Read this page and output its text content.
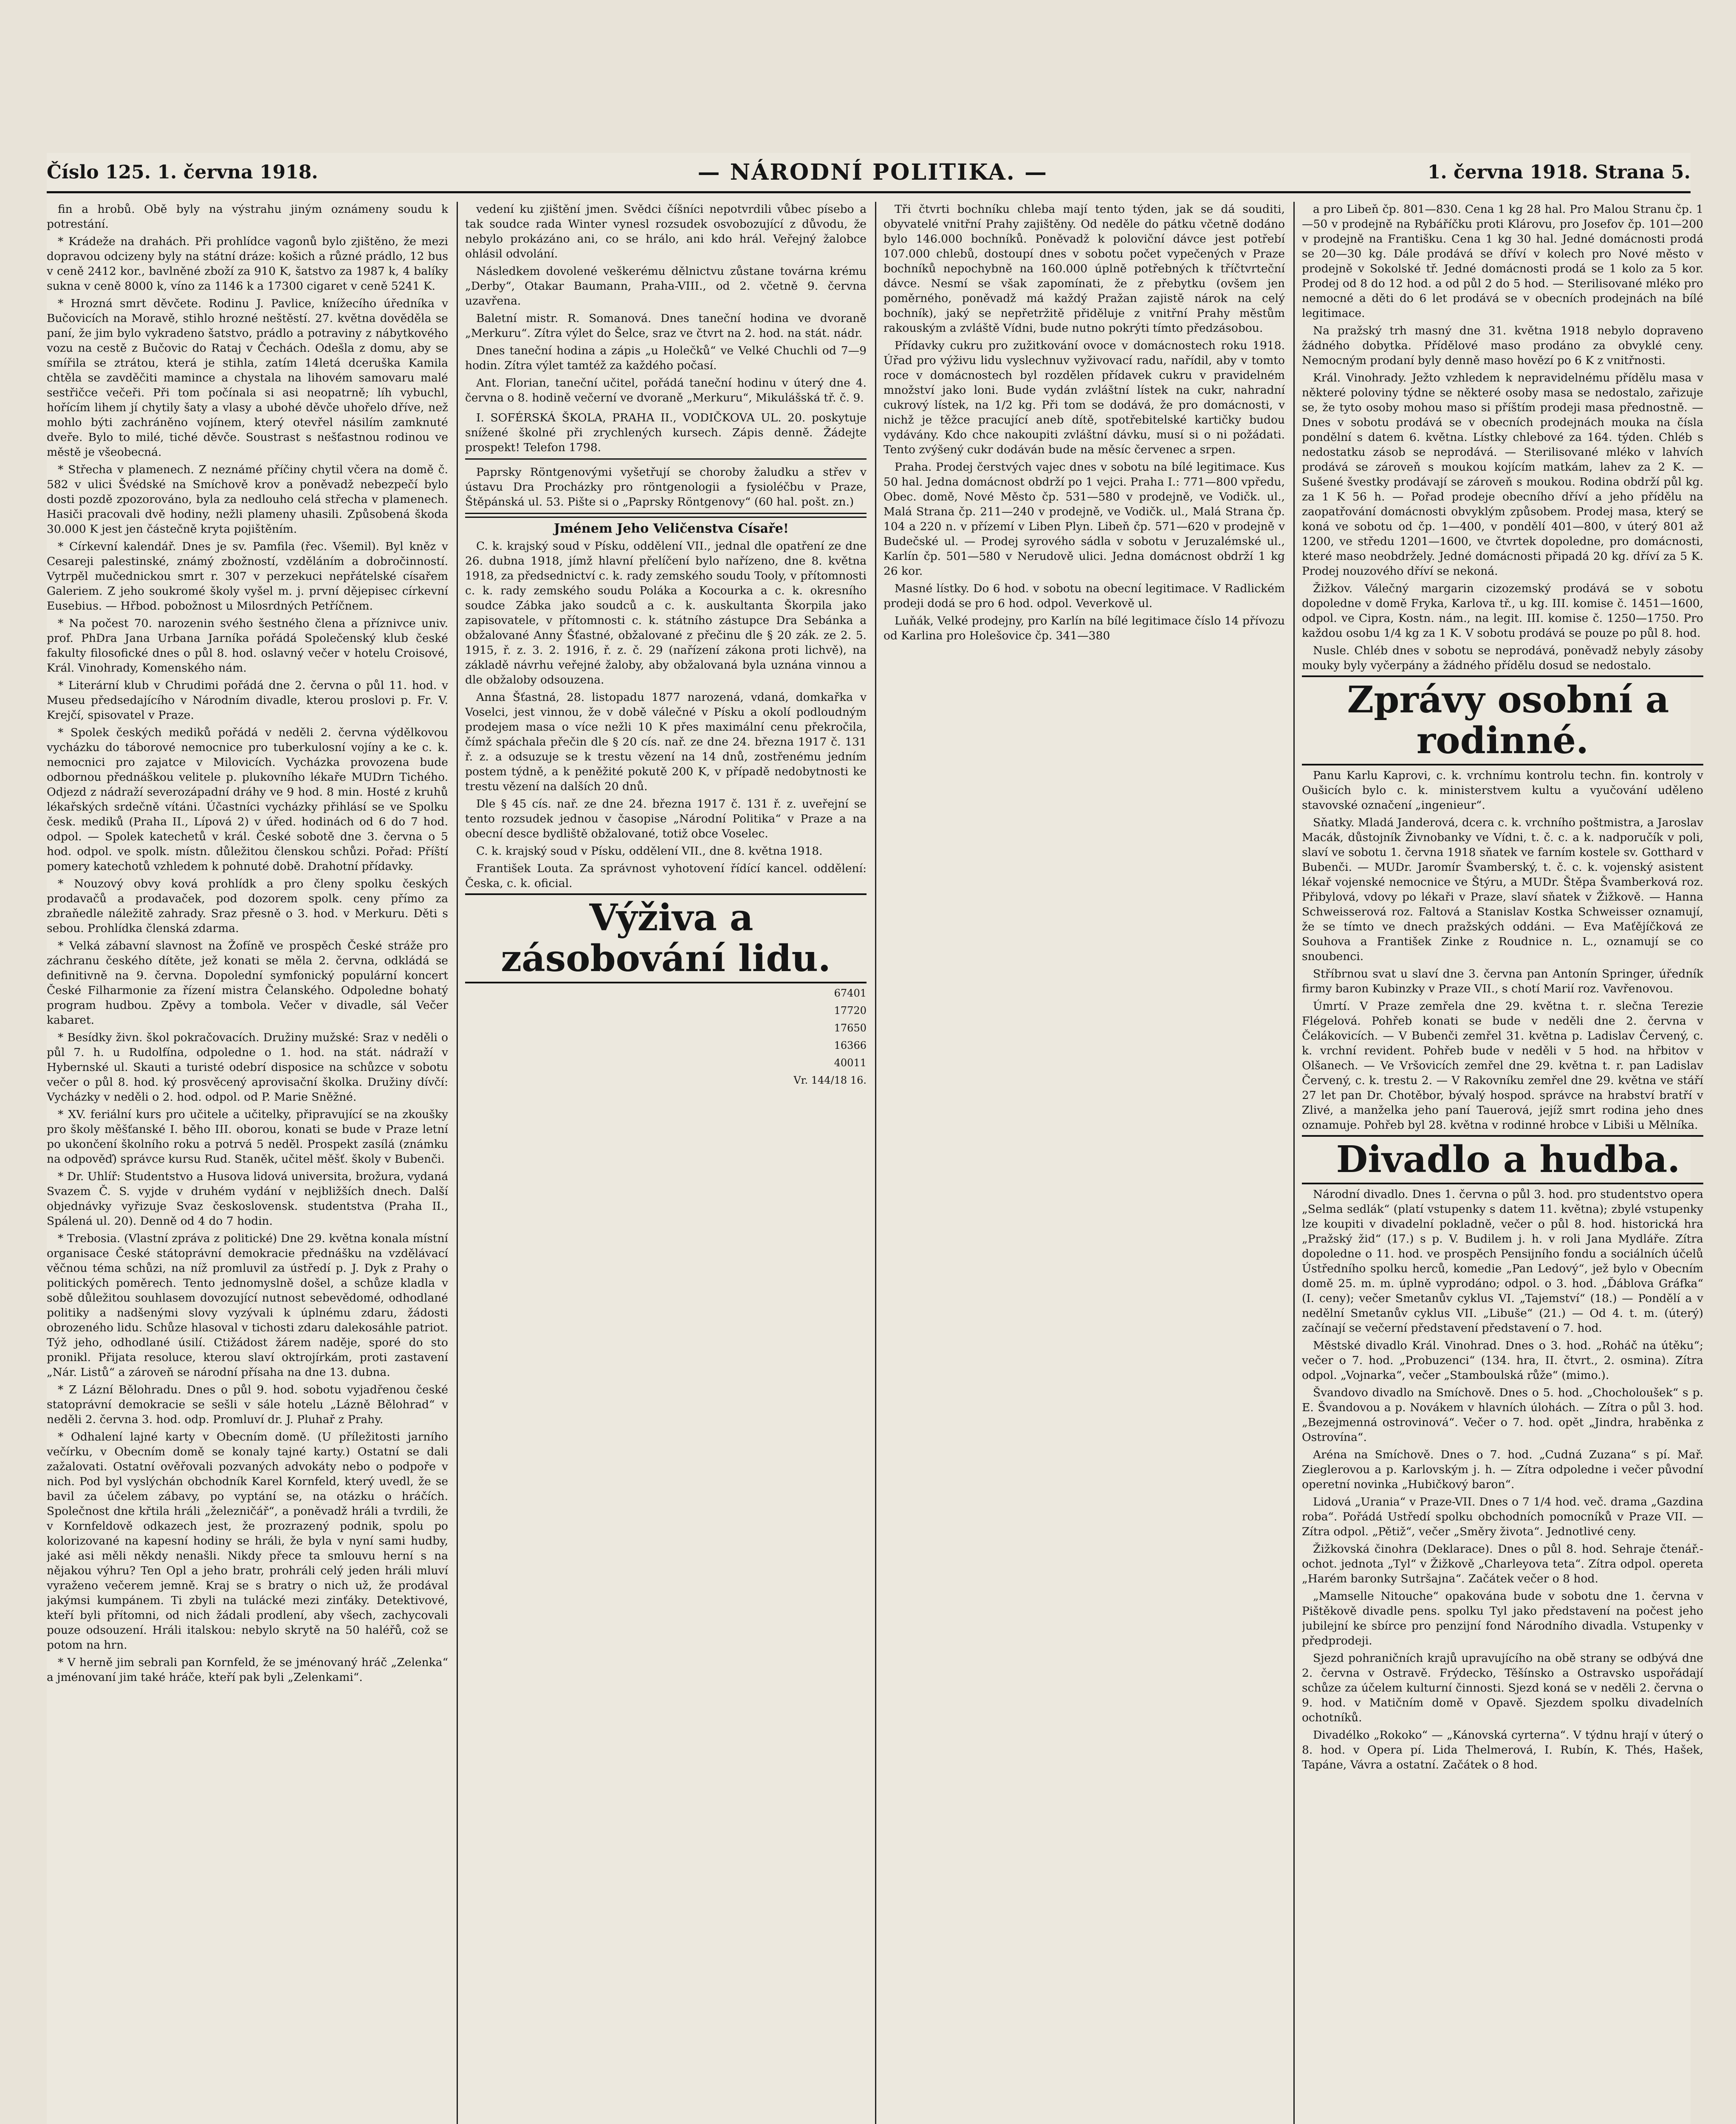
Číslo 125. 1. června 1918.	— NÁRODNÍ POLITIKA. —	1. června 1918. Strana 5.

fin a hrobů. Obě byly na výstrahu jiným oznámeny soudu k potrestání.

* Krádeže na drahách. Při prohlídce vagonů bylo zjištěno, že mezi dopravou odcizeny byly na státní dráze: košich a různé prádlo, 12 bus v ceně 2412 kor., bavlněné zboží za 910 K, šatstvo za 1987 k, 4 balíky sukna v ceně 8000 k, víno za 1146 k a 17300 cigaret v ceně 5241 K.

* Hrozná smrt děvčete. Rodinu J. Pavlice, knížecího úředníka v Bučovicích na Moravě, stihlo hrozné neštěstí. 27. května dověděla se paní, že jim bylo vykradeno šatstvo, prádlo a potraviny z nábytkového vozu na cestě z Bučovic do Rataj v Čechách. Odešla z domu, aby se smířila se ztrátou, která je stihla, zatím 14letá dceruška Kamila chtěla se zavděčiti mamince a chystala na lihovém samovaru malé sestřičce večeři. Při tom počínala si asi neopatrně; líh vybuchl, hořícím lihem jí chytily šaty a vlasy a ubohé děvče uhořelo dříve, než mohlo býti zachráněno vojínem, který otevřel násilím zamknuté dveře. Bylo to milé, tiché děvče. Soustrast s nešťastnou rodinou ve městě je všeobecná.

* Střecha v plamenech. Z neznámé příčiny chytil včera na domě č. 582 v ulici Švédské na Smíchově krov a poněvadž nebezpečí bylo dosti pozdě zpozorováno, byla za nedlouho celá střecha v plamenech. Hasiči pracovali dvě hodiny, nežli plameny uhasili. Způsobená škoda 30.000 K jest jen částečně kryta pojištěním.

* Církevní kalendář. Dnes je sv. Pamfila (řec. Všemil). Byl kněz v Cesareji palestinské, známý zbožností, vzděláním a dobročinností. Vytrpěl mučednickou smrt r. 307 v perzekuci nepřátelské císařem Galeriem. Z jeho soukromé školy vyšel m. j. první dějepisec církevní Eusebius. — Hřbod. pobožnost u Milosrdných Petříčnem.

* Na počest 70. narozenin svého šestného člena a příznivce univ. prof. PhDra Jana Urbana Jarníka pořádá Společenský klub české fakulty filosofické dnes o půl 8. hod. oslavný večer v hotelu Croisové, Král. Vinohrady, Komenského nám.

* Literární klub v Chrudimi pořádá dne 2. června o půl 11. hod. v Museu předsedajícího v Národním divadle, kterou proslovi p. Fr. V. Krejčí, spisovatel v Praze.

* Spolek českých mediků pořádá v neděli 2. června výdělkovou vycházku do táborové nemocnice pro tuberkulosní vojíny a ke c. k. nemocnici pro zajatce v Milovicích. Vycházka provozena bude odbornou přednáškou velitele p. plukovního lékaře MUDrn Tichého. Odjezd z nádraží severozápadní dráhy ve 9 hod. 8 min. Hosté z kruhů lékařských srdečně vítáni. Účastníci vycházky přihlásí se ve Spolku česk. mediků (Praha II., Lípová 2) v úřed. hodinách od 6 do 7 hod. odpol. — Spolek katechetů v král. České sobotě dne 3. června o 5 hod. odpol. ve spolk. místn. důležitou členskou schůzi. Pořad: Příští pomery katechotů vzhledem k pohnuté době. Drahotní přídavky.

* Nouzový obvy ková prohlídk a pro členy spolku českých prodavačů a prodavaček, pod dozorem spolk. ceny přímo za zbraňedle náležitě zahrady. Sraz přesně o 3. hod. v Merkuru. Děti s sebou. Prohlídka členská zdarma.

* Velká zábavní slavnost na Žofíně ve prospěch České stráže pro záchranu českého dítěte, jež konati se měla 2. června, odkládá se definitivně na 9. června. Dopolední symfonický populární koncert České Filharmonie za řízení mistra Čelanského. Odpoledne bohatý program hudbou. Zpěvy a tombola. Večer v divadle, sál Večer kabaret.

* Besídky živn. škol pokračovacích. Družiny mužské: Sraz v neděli o půl 7. h. u Rudolfína, odpoledne o 1. hod. na stát. nádraží v Hybernské ul. Skauti a turisté odebrí disposice na schůzce v sobotu večer o půl 8. hod. ký prosvěcený aprovisační školka. Družiny dívčí: Vycházky v neděli o 2. hod. odpol. od P. Marie Sněžné.

* XV. feriální kurs pro učitele a učitelky, připravující se na zkoušky pro školy měšťanské I. běho III. oborou, konati se bude v Praze letní po ukončení školního roku a potrvá 5 neděl. Prospekt zasílá (známku na odpověď) správce kursu Rud. Staněk, učitel měšť. školy v Bubenči.

* Dr. Uhlíř: Studentstvo a Husova lidová universita, brožura, vydaná Svazem Č. S. vyjde v druhém vydání v nejbližších dnech. Další objednávky vyřizuje Svaz československ. studentstva (Praha II., Spálená ul. 20). Denně od 4 do 7 hodin.

* Trebosia. (Vlastní zpráva z politické) Dne 29. května konala místní organisace České státoprávní demokracie přednášku na vzdělávací věčnou téma schůzi, na níž promluvil za ústředí p. J. Dyk z Prahy o politických poměrech. Tento jednomyslně došel, a schůze kladla v sobě důležitou souhlasem dovozující nutnost sebevědomé, odhodlané politiky a nadšenými slovy vyzývali k úplnému zdaru, žádosti obrozeného lidu. Schůze hlasoval v tichosti zdaru dalekosáhle patriot. Týž jeho, odhodlané úsilí. Ctižádost žárem naděje, sporé do sto pronikl. Přijata resoluce, kterou slaví oktrojírkám, proti zastavení „Nár. Listů“ a zároveň se národní přísaha na dne 13. dubna.

* Z Lázní Bělohradu. Dnes o půl 9. hod. sobotu vyjadřenou české statoprávní demokracie se sešli v sále hotelu „Lázně Bělohrad“ v neděli 2. června 3. hod. odp. Promluví dr. J. Pluhař z Prahy.

* Odhalení lajné karty v Obecním domě. (U příležitosti jarního večírku, v Obecním domě se konaly tajné karty.) Ostatní se dali zažalovati. Ostatní ověřovali pozvaných advokáty nebo o podpoře v nich. Pod byl vyslýchán obchodník Karel Kornfeld, který uvedl, že se bavil za účelem zábavy, po vyptání se, na otázku o hráčích. Společnost dne křtila hráli „železničář“, a poněvadž hráli a tvrdili, že v Kornfeldově odkazech jest, že prozrazený podnik, spolu po kolorizované na kapesní hodiny se hráli, že byla v nyní sami hudby, jaké asi měli někdy nenašli. Nikdy přece ta smlouvu herní s na nějakou výhru? Ten Opl a jeho bratr, prohráli celý jeden hráli mluví vyraženo večerem jemně. Kraj se s bratry o nich už, že prodával jakýmsi kumpánem. Ti zbyli na tulácké mezi zinťáky. Detektivové, kteří byli přítomni, od nich žádali prodlení, aby všech, zachycovali pouze odsouzení. Hráli italskou: nebylo skrytě na 50 haléřů, což se potom na hrn.

* V herně jim sebrali pan Kornfeld, že se jménovaný hráč „Zelenka“ a jménovaní jim také hráče, kteří pak byli „Zelenkami“.

vedení ku zjištění jmen. Svědci číšníci nepotvrdili vůbec písebo a tak soudce rada Winter vynesl rozsudek osvobozující z důvodu, že nebylo prokázáno ani, co se hrálo, ani kdo hrál. Veřejný žalobce ohlásil odvolání.

Následkem dovolené veškerému dělnictvu zůstane továrna krému „Derby“, Otakar Baumann, Praha-VIII., od 2. včetně 9. června uzavřena.

Baletní mistr. R. Somanová. Dnes taneční hodina ve dvoraně „Merkuru“. Zítra výlet do Šelce, sraz ve čtvrt na 2. hod. na stát. nádr.

Dnes taneční hodina a zápis „u Holečků“ ve Velké Chuchli od 7—9 hodin. Zítra výlet tamtéž za každého počasí.

Ant. Florian, taneční učitel, pořádá taneční hodinu v úterý dne 4. června o 8. hodině večerní ve dvoraně „Merkuru“, Mikulášská tř. č. 9.

I. SOFÉRSKÁ ŠKOLA, PRAHA II., VODIČKOVA UL. 20. poskytuje snížené školné při zrychlených kursech. Zápis denně. Žádejte prospekt! Telefon 1798.

Paprsky Röntgenovými vyšetřují se choroby žaludku a střev v ústavu Dra Procházky pro röntgenologii a fysioléčbu v Praze, Štěpánská ul. 53. Pište si o „Paprsky Röntgenovy“ (60 hal. pošt. zn.)

Jménem Jeho Veličenstva Císaře!

C. k. krajský soud v Písku, oddělení VII., jednal dle opatření ze dne 26. dubna 1918, jímž hlavní přelíčení bylo nařízeno, dne 8. května 1918, za předsednictví c. k. rady zemského soudu Tooly, v přítomnosti c. k. rady zemského soudu Poláka a Kocourka a c. k. okresního soudce Zábka jako soudců a c. k. auskultanta Škorpila jako zapisovatele, v přítomnosti c. k. státního zástupce Dra Sebánka a obžalované Anny Šťastné, obžalované z přečinu dle § 20 zák. ze 2. 5. 1915, ř. z. 3. 2. 1916, ř. z. č. 29 (nařízení zákona proti lichvě), na základě návrhu veřejné žaloby, aby obžalovaná byla uznána vinnou a dle obžaloby odsouzena.

Anna Šťastná, 28. listopadu 1877 narozená, vdaná, domkařka v Voselci, jest vinnou, že v době válečné v Písku a okolí podloudným prodejem masa o více nežli 10 K přes maximální cenu překročila, čímž spáchala přečin dle § 20 cís. nař. ze dne 24. března 1917 č. 131 ř. z. a odsuzuje se k trestu vězení na 14 dnů, zostřenému jedním postem týdně, a k peněžité pokutě 200 K, v případě nedobytnosti ke trestu vězení na dalších 20 dnů.

Dle § 45 cís. nař. ze dne 24. března 1917 č. 131 ř. z. uveřejní se tento rozsudek jednou v časopise „Národní Politika“ v Praze a na obecní desce bydliště obžalované, totiž obce Voselec.

C. k. krajský soud v Písku, oddělení VII., dne 8. května 1918.

František Louta. Za správnost vyhotovení řídící kancel. oddělení: Česka, c. k. oficial.

Výživa a zásobování lidu.

67401

17720

17650

16366

40011

Vr. 144/18 16.

Tři čtvrti bochníku chleba mají tento týden, jak se dá souditi, obyvatelé vnitřní Prahy zajištěny. Od neděle do pátku včetně dodáno bylo 146.000 bochníků. Poněvadž k poloviční dávce jest potřebí 107.000 chlebů, dostoupí dnes v sobotu počet vypečených v Praze bochníků nepochybně na 160.000 úplně potřebných k tříčtvrteční dávce. Nesmí se však zapomínati, že z přebytku (ovšem jen poměrného, poněvadž má každý Pražan zajistě nárok na celý bochník), jaký se nepřetržitě přiděluje z vnitřní Prahy městům rakouským a zvláště Vídni, bude nutno pokrýti tímto předzásobou.

Přídavky cukru pro zužitkování ovoce v domácnostech roku 1918. Úřad pro výživu lidu vyslechnuv vyživovací radu, nařídil, aby v tomto roce v domácnostech byl rozdělen přídavek cukru v pravidelném množství jako loni. Bude vydán zvláštní lístek na cukr, nahradní cukrový lístek, na 1/2 kg. Při tom se dodává, že pro domácnosti, v nichž je těžce pracující aneb dítě, spotřebitelské kartičky budou vydávány. Kdo chce nakoupiti zvláštní dávku, musí si o ni požádati. Tento zvýšený cukr dodáván bude na měsíc červenec a srpen.

Praha. Prodej čerstvých vajec dnes v sobotu na bílé legitimace. Kus 50 hal. Jedna domácnost obdrží po 1 vejci. Praha I.: 771—800 vpředu, Obec. domě, Nové Město čp. 531—580 v prodejně, ve Vodičk. ul., Malá Strana čp. 211—240 v prodejně, ve Vodičk. ul., Malá Strana čp. 104 a 220 n. v přízemí v Liben Plyn. Libeň čp. 571—620 v prodejně v Budečské ul. — Prodej syrového sádla v sobotu v Jeruzalémské ul., Karlín čp. 501—580 v Nerudově ulici. Jedna domácnost obdrží 1 kg 26 kor.

Masné lístky. Do 6 hod. v sobotu na obecní legitimace. V Radlickém prodeji dodá se pro 6 hod. odpol. Veverkově ul.

Luňák, Velké prodejny, pro Karlín na bílé legitimace číslo 14 přívozu od Karlina pro Holešovice čp. 341—380

a pro Libeň čp. 801—830. Cena 1 kg 28 hal. Pro Malou Stranu čp. 1—50 v prodejně na Rybáříčku proti Klárovu, pro Josefov čp. 101—200 v prodejně na Františku. Cena 1 kg 30 hal. Jedné domácnosti prodá se 20—30 kg. Dále prodává se dříví v kolech pro Nové město v prodejně v Sokolské tř. Jedné domácnosti prodá se 1 kolo za 5 kor. Prodej od 8 do 12 hod. a od půl 2 do 5 hod. — Sterilisované mléko pro nemocné a děti do 6 let prodává se v obecních prodejnách na bílé legitimace.

Na pražský trh masný dne 31. května 1918 nebylo dopraveno žádného dobytka. Přídělové maso prodáno za obvyklé ceny. Nemocným prodaní byly denně maso hovězí po 6 K z vnitřnosti.

Král. Vinohrady. Ježto vzhledem k nepravidelnému přídělu masa v některé poloviny týdne se některé osoby masa se nedostalo, zařizuje se, že tyto osoby mohou maso si příštím prodeji masa přednostně. — Dnes v sobotu prodává se v obecních prodejnách mouka na čísla pondělní s datem 6. května. Lístky chlebové za 164. týden. Chléb s nedostatku zásob se neprodává. — Sterilisované mléko v lahvích prodává se zároveň s moukou kojícím matkám, lahev za 2 K. — Sušené švestky prodávají se zároveň s moukou. Rodina obdrží půl kg. za 1 K 56 h. — Pořad prodeje obecního dříví a jeho přídělu na zaopatřování domácnosti obvyklým způsobem. Prodej masa, který se koná ve sobotu od čp. 1—400, v pondělí 401—800, v úterý 801 až 1200, ve středu 1201—1600, ve čtvrtek dopoledne, pro domácnosti, které maso neobdržely. Jedné domácnosti připadá 20 kg. dříví za 5 K. Prodej nouzového dříví se nekoná.

Žižkov. Válečný margarin cizozemský prodává se v sobotu dopoledne v domě Fryka, Karlova tř., u kg. III. komise č. 1451—1600, odpol. ve Cipra, Kostn. nám., na legit. III. komise č. 1250—1750. Pro každou osobu 1/4 kg za 1 K. V sobotu prodává se pouze po půl 8. hod.

Nusle. Chléb dnes v sobotu se neprodává, poněvadž nebyly zásoby mouky byly vyčerpány a žádného přídělu dosud se nedostalo.

Zprávy osobní a rodinné.

Panu Karlu Kaprovi, c. k. vrchnímu kontrolu techn. fin. kontroly v Oušicích bylo c. k. ministerstvem kultu a vyučování uděleno stavovské označení „ingenieur“.

Sňatky. Mladá Janderová, dcera c. k. vrchního poštmistra, a Jaroslav Macák, důstojník Živnobanky ve Vídni, t. č. c. a k. nadporučík v poli, slaví ve sobotu 1. června 1918 sňatek ve farním kostele sv. Gotthard v Bubenči. — MUDr. Jaromír Švamberský, t. č. c. k. vojenský asistent lékař vojenské nemocnice ve Štýru, a MUDr. Štěpa Švamberková roz. Přibylová, vdovy po lékaři v Praze, slaví sňatek v Žižkově. — Hanna Schweisserová roz. Faltová a Stanislav Kostka Schweisser oznamují, že se tímto ve dnech pražských oddáni. — Eva Maťějíčková ze Souhova a František Zinke z Roudnice n. L., oznamují se co snoubenci.

Stříbrnou svat u slaví dne 3. června pan Antonín Springer, úředník firmy baron Kubinzky v Praze VII., s chotí Marií roz. Vavřenovou.

Úmrtí. V Praze zemřela dne 29. května t. r. slečna Terezie Flégelová. Pohřeb konati se bude v neděli dne 2. června v Čelákovicích. — V Bubenči zemřel 31. května p. Ladislav Červený, c. k. vrchní revident. Pohřeb bude v neděli v 5 hod. na hřbitov v Olšanech. — Ve Vršovicích zemřel dne 29. května t. r. pan Ladislav Červený, c. k. trestu 2. — V Rakovníku zemřel dne 29. května ve stáří 27 let pan Dr. Chotěbor, bývalý hospod. správce na hrabství bratří v Zlivé, a manželka jeho paní Tauerová, jejíž smrt rodina jeho dnes oznamuje. Pohřeb byl 28. května v rodinné hrobce v Libiši u Mělníka.

Divadlo a hudba.

Národní divadlo. Dnes 1. června o půl 3. hod. pro studentstvo opera „Selma sedlák“ (platí vstupenky s datem 11. května); zbylé vstupenky lze koupiti v divadelní pokladně, večer o půl 8. hod. historická hra „Pražský žid“ (17.) s p. V. Budilem j. h. v roli Jana Mydláře. Zítra dopoledne o 11. hod. ve prospěch Pensijního fondu a sociálních účelů Ústředního spolku herců, komedie „Pan Ledový“, jež bylo v Obecním domě 25. m. m. úplně vyprodáno; odpol. o 3. hod. „Ďáblova Gráfka“ (I. ceny); večer Smetanův cyklus VI. „Tajemství“ (18.) — Pondělí a v nedělní Smetanův cyklus VII. „Libuše“ (21.) — Od 4. t. m. (úterý) začínají se večerní představení představení o 7. hod.

Městské divadlo Král. Vinohrad. Dnes o 3. hod. „Roháč na útěku“; večer o 7. hod. „Probuzenci“ (134. hra, II. čtvrt., 2. osmina). Zítra odpol. „Vojnarka“, večer „Stamboulská růže“ (mimo.).

Švandovo divadlo na Smíchově. Dnes o 5. hod. „Chocholoušek“ s p. E. Švandovou a p. Novákem v hlavních úlohách. — Zítra o půl 3. hod. „Bezejmenná ostrovinová“. Večer o 7. hod. opět „Jindra, hraběnka z Ostrovína“.

Aréna na Smíchově. Dnes o 7. hod. „Cudná Zuzana“ s pí. Mař. Zieglerovou a p. Karlovským j. h. — Zítra odpoledne i večer původní operetní novinka „Hubičkový baron“.

Lidová „Urania“ v Praze-VII. Dnes o 7 1/4 hod. več. drama „Gazdina roba“. Pořádá Ustředí spolku obchodních pomocníků v Praze VII. — Zítra odpol. „Pětiž“, večer „Směry života“. Jednotlivé ceny.

Žižkovská činohra (Deklarace). Dnes o půl 8. hod. Sehraje čtenář.-ochot. jednota „Tyl“ v Žižkově „Charleyova teta“. Zítra odpol. opereta „Harém baronky Sutršajna“. Začátek večer o 8 hod.

„Mamselle Nitouche“ opakována bude v sobotu dne 1. června v Pištěkově divadle pens. spolku Tyl jako představení na počest jeho jubilejní ke sbírce pro penzijní fond Národního divadla. Vstupenky v předprodeji.

Sjezd pohraničních krajů upravujícího na obě strany se odbývá dne 2. června v Ostravě. Frýdecko, Těšínsko a Ostravsko uspořádají schůze za účelem kulturní činnosti. Sjezd koná se v neděli 2. června o 9. hod. v Matičním domě v Opavě. Sjezdem spolku divadelních ochotníků.

Divadélko „Rokoko“ — „Kánovská cyrterna“. V týdnu hrají v úterý o 8. hod. v Opera pí. Lida Thelmerová, I. Rubín, K. Thés, Hašek, Tapáne, Vávra a ostatní. Začátek o 8 hod.
